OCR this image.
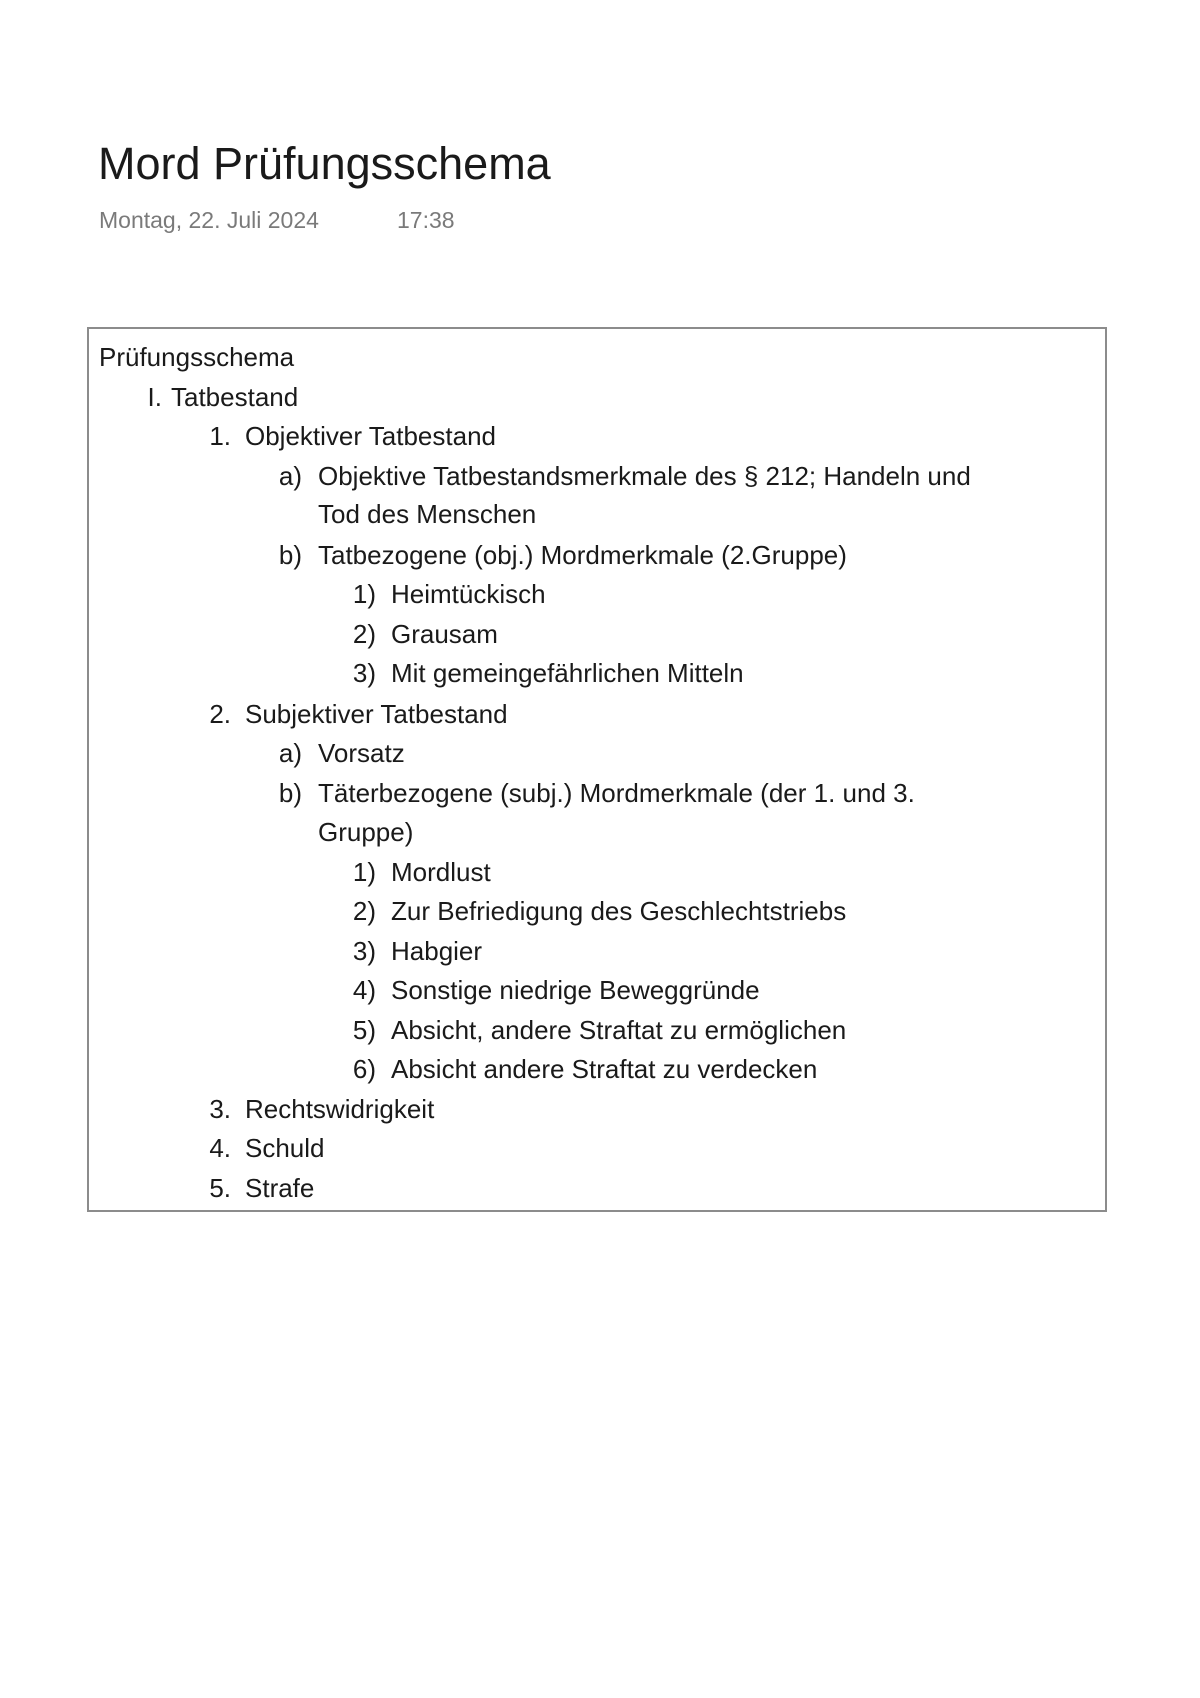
Mord Prüfungsschema
Montag, 22. Juli 2024	17:38
Prüfungsschema
I. Tatbestand
1. Objektiver Tatbestand
a) Objektive Tatbestandsmerkmale des § 212; Handeln und
Tod des Menschen
b) Tatbezogene (obj.) Mordmerkmale (2.Gruppe)
1) Heimtückisch
2) Grausam
3) Mit gemeingefährlichen Mitteln
2. Subjektiver Tatbestand
a) Vorsatz
b) Täterbezogene (subj.) Mordmerkmale (der 1. und 3.
Gruppe)
1) Mordlust
2) Zur Befriedigung des Geschlechtstriebs
3) Habgier
4) Sonstige niedrige Beweggründe
5) Absicht, andere Straftat zu ermöglichen
6) Absicht andere Straftat zu verdecken
3. Rechtswidrigkeit
4. Schuld
5. Strafe
